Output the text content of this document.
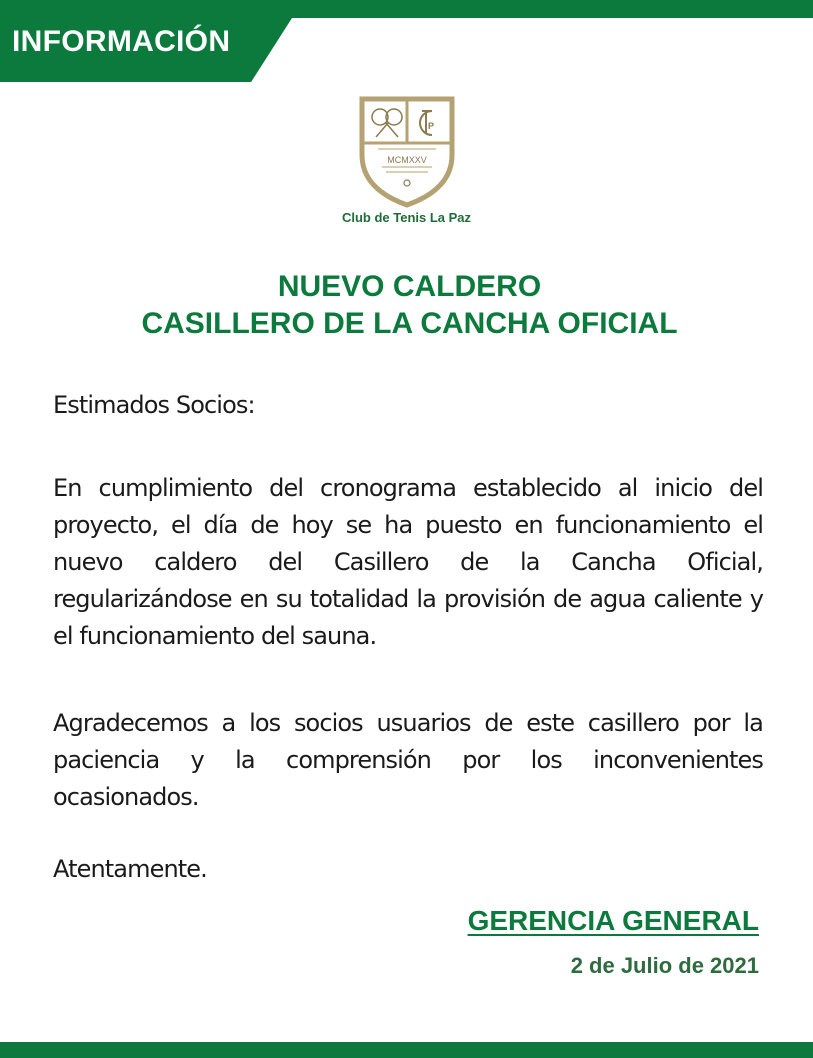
INFORMACIÓN
P
MCMXXV
Club de Tenis La Paz
NUEVO CALDERO
CASILLERO DE LA CANCHA OFICIAL

Estimados Socios:

En cumplimiento del cronograma establecido al inicio del proyecto, el día de hoy se ha puesto en funcionamiento el nuevo caldero del Casillero de la Cancha Oficial, regularizándose en su totalidad la provisión de agua caliente y el funcionamiento del sauna.

Agradecemos a los socios usuarios de este casillero por la paciencia y la comprensión por los inconvenientes ocasionados.

Atentamente.

GERENCIA GENERAL
2 de Julio de 2021
